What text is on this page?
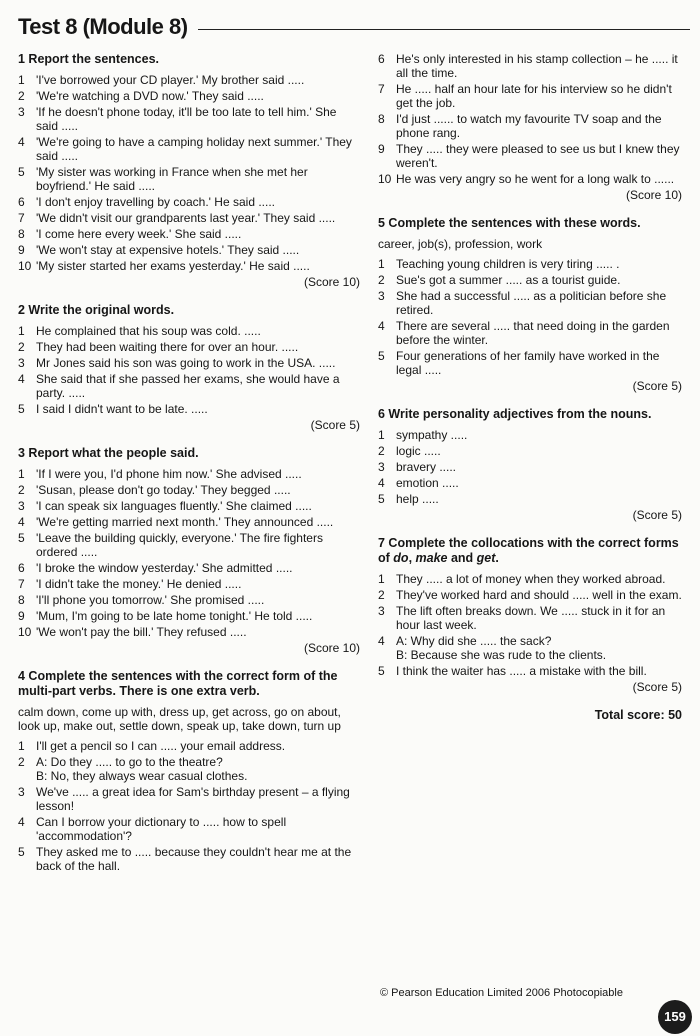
Test 8 (Module 8)
1 Report the sentences.
1 'I've borrowed your CD player.' My brother said .....
2 'We're watching a DVD now.' They said .....
3 'If he doesn't phone today, it'll be too late to tell him.' She said .....
4 'We're going to have a camping holiday next summer.' They said .....
5 'My sister was working in France when she met her boyfriend.' He said .....
6 'I don't enjoy travelling by coach.' He said .....
7 'We didn't visit our grandparents last year.' They said .....
8 'I come here every week.' She said .....
9 'We won't stay at expensive hotels.' They said .....
10 'My sister started her exams yesterday.' He said .....
(Score 10)
2 Write the original words.
1 He complained that his soup was cold. .....
2 They had been waiting there for over an hour. .....
3 Mr Jones said his son was going to work in the USA. .....
4 She said that if she passed her exams, she would have a party. .....
5 I said I didn't want to be late. .....
(Score 5)
3 Report what the people said.
1 'If I were you, I'd phone him now.' She advised .....
2 'Susan, please don't go today.' They begged .....
3 'I can speak six languages fluently.' She claimed .....
4 'We're getting married next month.' They announced .....
5 'Leave the building quickly, everyone.' The fire fighters ordered .....
6 'I broke the window yesterday.' She admitted .....
7 'I didn't take the money.' He denied .....
8 'I'll phone you tomorrow.' She promised .....
9 'Mum, I'm going to be late home tonight.' He told .....
10 'We won't pay the bill.' They refused .....
(Score 10)
4 Complete the sentences with the correct form of the multi-part verbs. There is one extra verb.
calm down, come up with, dress up, get across, go on about, look up, make out, settle down, speak up, take down, turn up
1 I'll get a pencil so I can ..... your email address.
2 A: Do they ..... to go to the theatre?
B: No, they always wear casual clothes.
3 We've ..... a great idea for Sam's birthday present – a flying lesson!
4 Can I borrow your dictionary to ..... how to spell 'accommodation'?
5 They asked me to ..... because they couldn't hear me at the back of the hall.
6 He's only interested in his stamp collection – he ..... it all the time.
7 He ..... half an hour late for his interview so he didn't get the job.
8 I'd just ...... to watch my favourite TV soap and the phone rang.
9 They ..... they were pleased to see us but I knew they weren't.
10 He was very angry so he went for a long walk to ......
(Score 10)
5 Complete the sentences with these words.
career, job(s), profession, work
1 Teaching young children is very tiring ..... .
2 Sue's got a summer ..... as a tourist guide.
3 She had a successful ..... as a politician before she retired.
4 There are several ..... that need doing in the garden before the winter.
5 Four generations of her family have worked in the legal .....
(Score 5)
6 Write personality adjectives from the nouns.
1 sympathy .....
2 logic .....
3 bravery .....
4 emotion .....
5 help .....
(Score 5)
7 Complete the collocations with the correct forms of do, make and get.
1 They ..... a lot of money when they worked abroad.
2 They've worked hard and should ..... well in the exam.
3 The lift often breaks down. We ..... stuck in it for an hour last week.
4 A: Why did she ..... the sack?
B: Because she was rude to the clients.
5 I think the waiter has ..... a mistake with the bill.
(Score 5)
Total score: 50
© Pearson Education Limited 2006 Photocopiable
159
